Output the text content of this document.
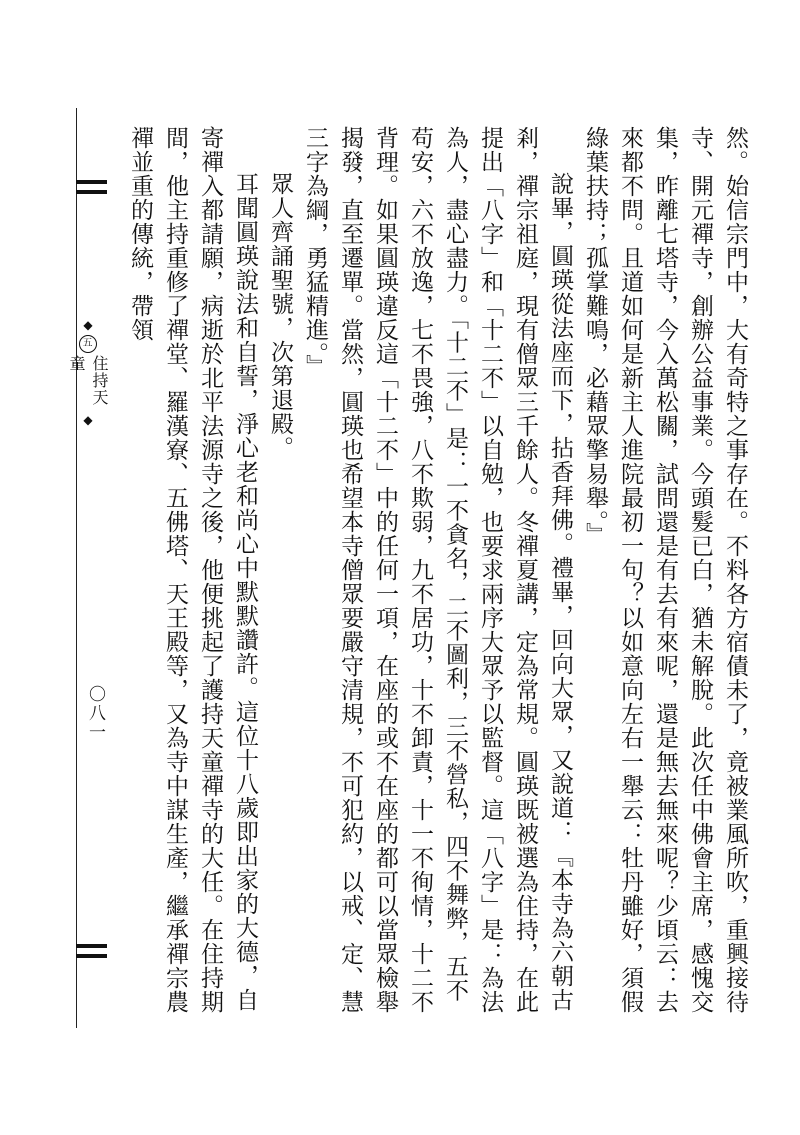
然。始信宗門中，大有奇特之事存在。不料各方宿債未了，竟被業風所吹，重興接待寺、開元禪寺，創辦公益事業。今頭髮已白，猶未解脫。此次任中佛會主席，感愧交集，昨離七塔寺，今入萬松關，試問還是有去有來呢，還是無去無來呢？少頃云：去來都不問。且道如何是新主人進院最初一句？以如意向左右一舉云：牡丹雖好，須假綠葉扶持；孤掌難鳴，必藉眾擎易舉。』

說畢，圓瑛從法座而下，拈香拜佛。禮畢，回向大眾，又說道：『本寺為六朝古剎，禪宗祖庭，現有僧眾三千餘人。冬禪夏講，定為常規。圓瑛既被選為住持，在此提出「八字」和「十二不」以自勉，也要求兩序大眾予以監督。這「八字」是：為法為人，盡心盡力。「十二不」是：一不貪名，二不圖利，三不營私，四不舞弊，五不苟安，六不放逸，七不畏強，八不欺弱，九不居功，十不卸責，十一不徇情，十二不背理。如果圓瑛違反這「十二不」中的任何一項，在座的或不在座的都可以當眾檢舉揭發，直至遷單。當然，圓瑛也希望本寺僧眾要嚴守清規，不可犯約，以戒、定、慧三字為綱，勇猛精進。』

眾人齊誦聖號，次第退殿。

耳聞圓瑛說法和自誓，淨心老和尚心中默默讚許。這位十八歲即出家的大德，自寄禪入都請願，病逝於北平法源寺之後，他便挑起了護持天童禪寺的大任。在住持期間，他主持重修了禪堂、羅漢寮、五佛塔、天王殿等，又為寺中謀生產，繼承禪宗農禪並重的傳統，帶領

◆
五
住持天童
◆
〇八一
